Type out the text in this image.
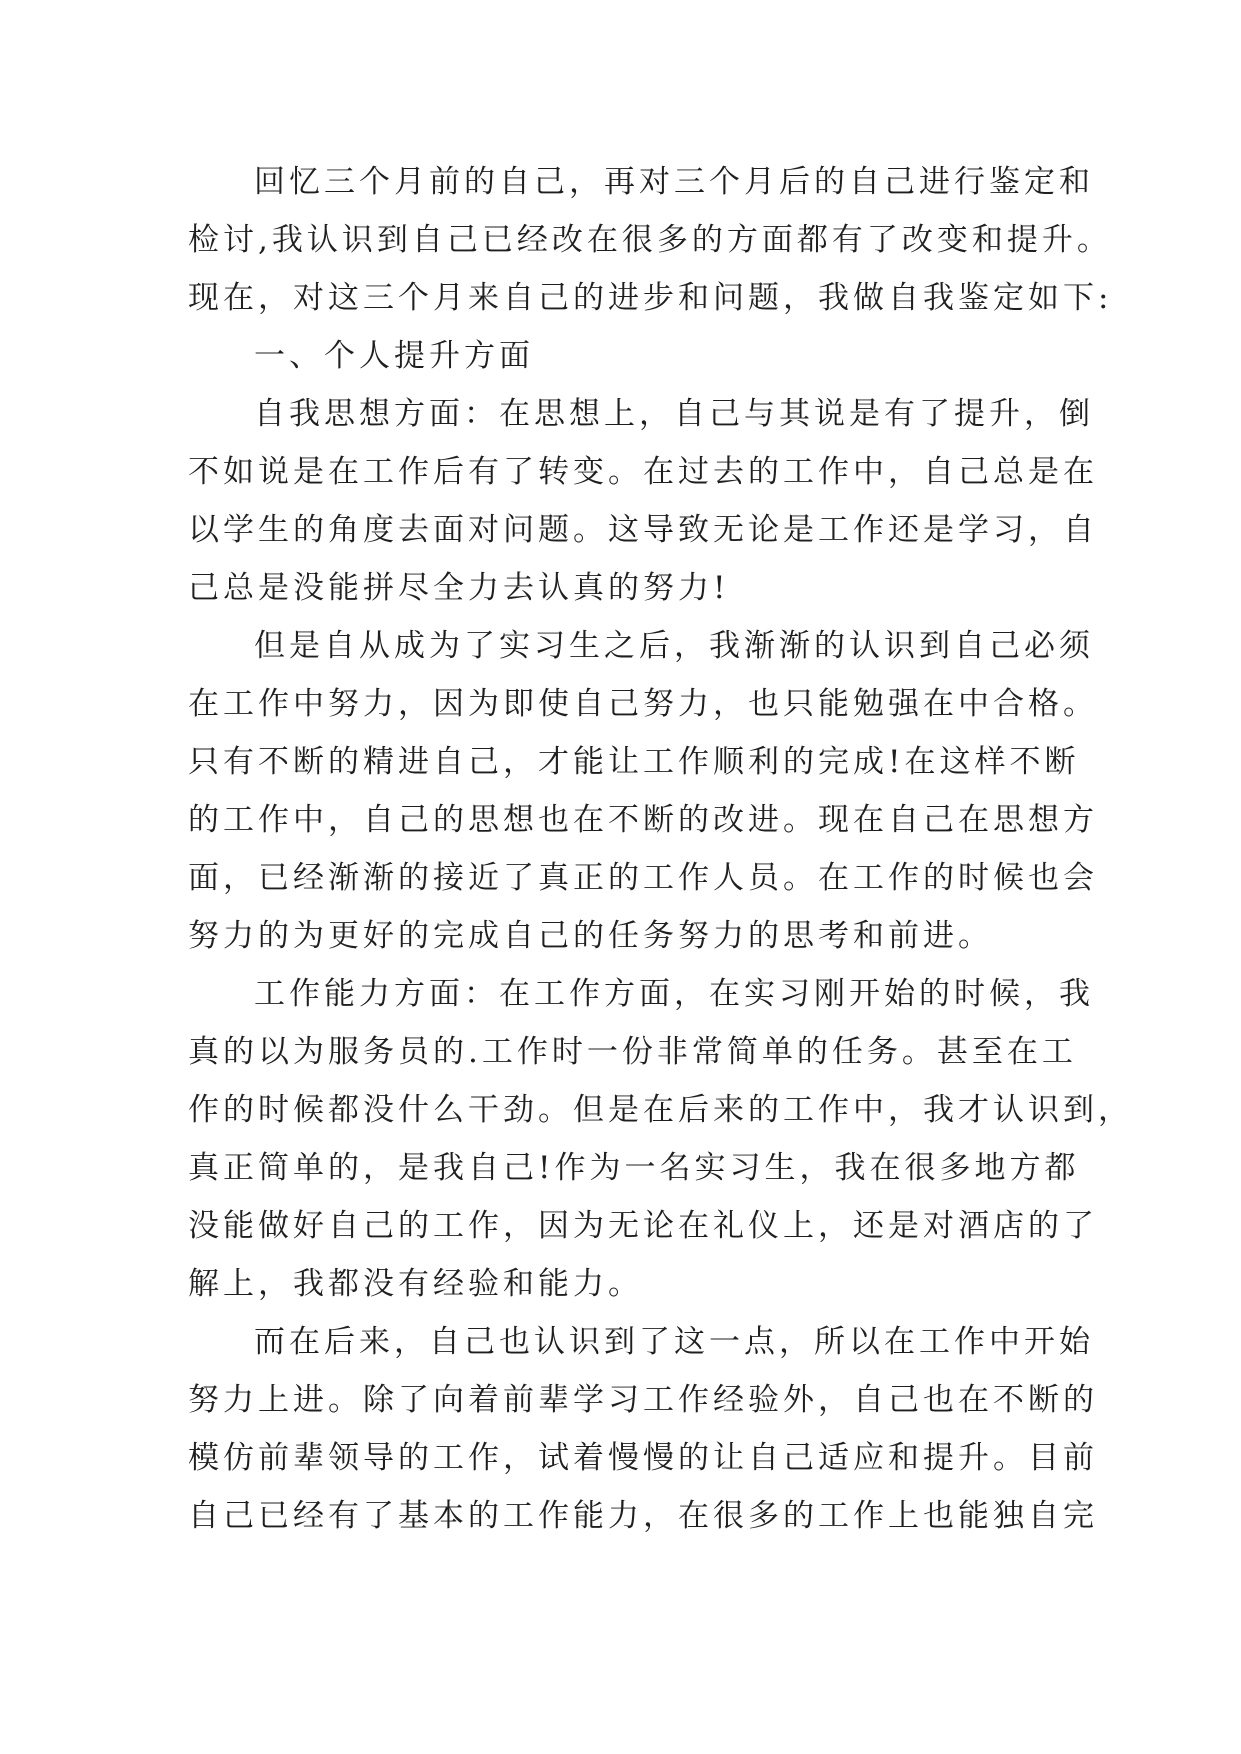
回忆三个月前的自己，再对三个月后的自己进行鉴定和
检讨,我认识到自己已经改在很多的方面都有了改变和提升。
现在，对这三个月来自己的进步和问题，我做自我鉴定如下:
一、个人提升方面
自我思想方面：在思想上，自己与其说是有了提升，倒
不如说是在工作后有了转变。在过去的工作中，自己总是在
以学生的角度去面对问题。这导致无论是工作还是学习，自
己总是没能拼尽全力去认真的努力!
但是自从成为了实习生之后，我渐渐的认识到自己必须
在工作中努力，因为即使自己努力，也只能勉强在中合格。
只有不断的精进自己，才能让工作顺利的完成!在这样不断
的工作中，自己的思想也在不断的改进。现在自己在思想方
面，已经渐渐的接近了真正的工作人员。在工作的时候也会
努力的为更好的完成自己的任务努力的思考和前进。
工作能力方面：在工作方面，在实习刚开始的时候，我
真的以为服务员的.工作时一份非常简单的任务。甚至在工
作的时候都没什么干劲。但是在后来的工作中，我才认识到，
真正简单的，是我自己!作为一名实习生，我在很多地方都
没能做好自己的工作，因为无论在礼仪上，还是对酒店的了
解上，我都没有经验和能力。
而在后来，自己也认识到了这一点，所以在工作中开始
努力上进。除了向着前辈学习工作经验外，自己也在不断的
模仿前辈领导的工作，试着慢慢的让自己适应和提升。目前
自己已经有了基本的工作能力，在很多的工作上也能独自完
